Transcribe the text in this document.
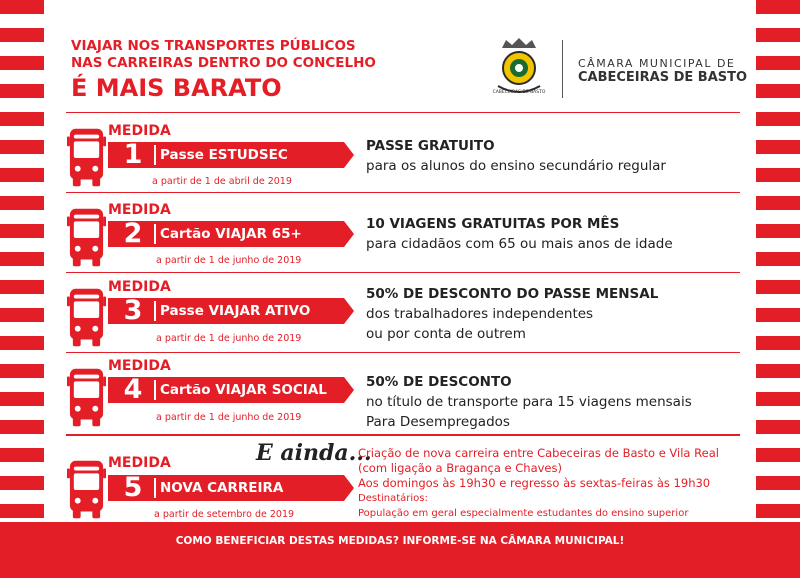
VIAJAR NOS TRANSPORTES PÚBLICOS
NAS CARREIRAS DENTRO DO CONCELHO
É MAIS BARATO	CABECEIRAS DE BASTO
CÂMARA MUNICIPAL DE
CABECEIRAS DE BASTO
MEDIDA
1	Passe ESTUDSEC
a partir de 1 de abril de 2019
PASSE GRATUITO
para os alunos do ensino secundário regular
MEDIDA
2	Cartão VIAJAR 65+
a partir de 1 de junho de 2019
10 VIAGENS GRATUITAS POR MÊS
para cidadãos com 65 ou mais anos de idade
MEDIDA
3	Passe VIAJAR ATIVO
a partir de 1 de junho de 2019
50% DE DESCONTO DO PASSE MENSAL
dos trabalhadores independentes
ou por conta de outrem
MEDIDA
4	Cartão VIAJAR SOCIAL
a partir de 1 de junho de 2019
50% DE DESCONTO
no título de transporte para 15 viagens mensais
Para Desempregados
MEDIDA
5	NOVA CARREIRA
a partir de setembro de 2019
E ainda...
Criação de nova carreira entre Cabeceiras de Basto e Vila Real
(com ligação a Bragança e Chaves)
Aos domingos às 19h30 e regresso às sextas-feiras às 19h30
Destinatários:
População em geral especialmente estudantes do ensino superior
COMO BENEFICIAR DESTAS MEDIDAS? INFORME-SE NA CÂMARA MUNICIPAL!
